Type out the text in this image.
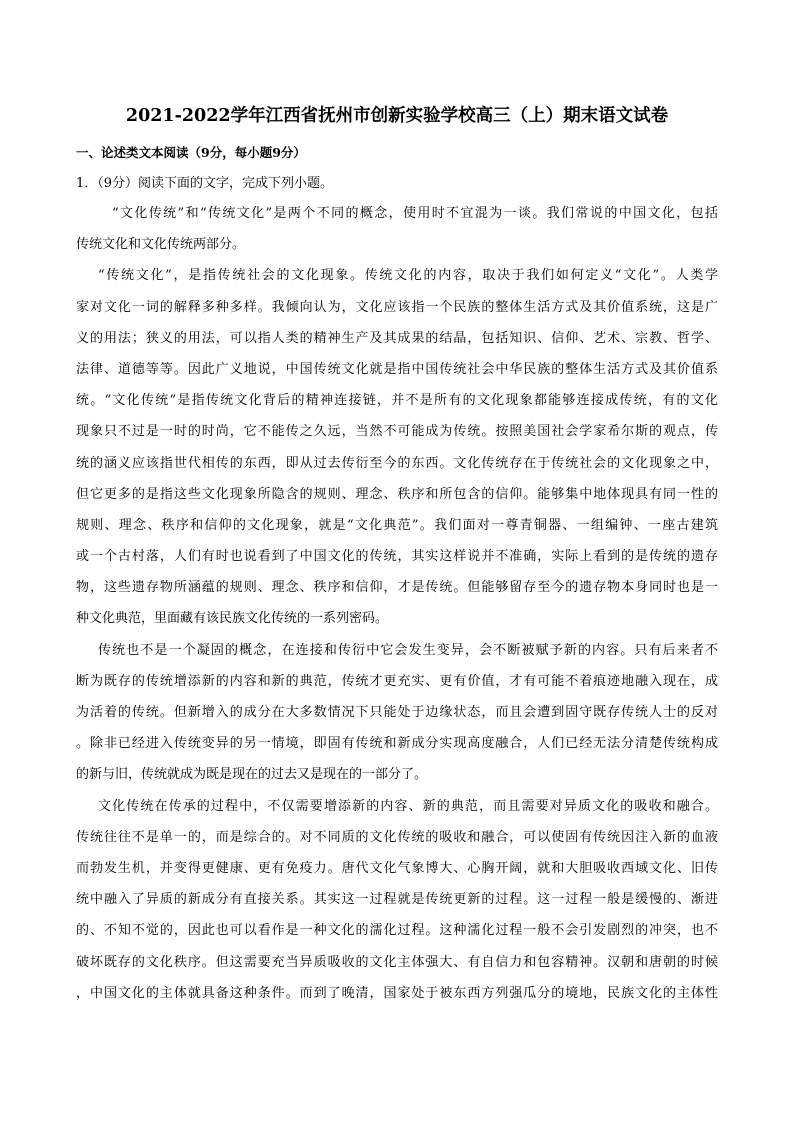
2021-2022学年江西省抚州市创新实验学校高三（上）期末语文试卷
一、论述类文本阅读（9分，每小题9分）
1．（9分）阅读下面的文字，完成下列小题。
“文化传统”和“传统文化”是两个不同的概念，使用时不宜混为一谈。我们常说的中国文化，包括
传统文化和文化传统两部分。
“传统文化”，是指传统社会的文化现象。传统文化的内容，取决于我们如何定义“文化”。人类学
家对文化一词的解释多种多样。我倾向认为，文化应该指一个民族的整体生活方式及其价值系统，这是广
义的用法；狭义的用法，可以指人类的精神生产及其成果的结晶，包括知识、信仰、艺术、宗教、哲学、
法律、道德等等。因此广义地说，中国传统文化就是指中国传统社会中华民族的整体生活方式及其价值系
统。“文化传统”是指传统文化背后的精神连接链，并不是所有的文化现象都能够连接成传统，有的文化
现象只不过是一时的时尚，它不能传之久远，当然不可能成为传统。按照美国社会学家希尔斯的观点，传
统的涵义应该指世代相传的东西，即从过去传衍至今的东西。文化传统存在于传统社会的文化现象之中，
但它更多的是指这些文化现象所隐含的规则、理念、秩序和所包含的信仰。能够集中地体现具有同一性的
规则、理念、秩序和信仰的文化现象，就是“文化典范”。我们面对一尊青铜器、一组编钟、一座古建筑
或一个古村落，人们有时也说看到了中国文化的传统，其实这样说并不准确，实际上看到的是传统的遗存
物，这些遗存物所涵蕴的规则、理念、秩序和信仰，才是传统。但能够留存至今的遗存物本身同时也是一
种文化典范，里面藏有该民族文化传统的一系列密码。
传统也不是一个凝固的概念，在连接和传衍中它会发生变异，会不断被赋予新的内容。只有后来者不
断为既存的传统增添新的内容和新的典范，传统才更充实、更有价值，才有可能不着痕迹地融入现在，成
为活着的传统。但新增入的成分在大多数情况下只能处于边缘状态，而且会遭到固守既存传统人士的反对
。除非已经进入传统变异的另一情境，即固有传统和新成分实现高度融合，人们已经无法分清楚传统构成
的新与旧，传统就成为既是现在的过去又是现在的一部分了。
文化传统在传承的过程中，不仅需要增添新的内容、新的典范，而且需要对异质文化的吸收和融合。
传统往往不是单一的，而是综合的。对不同质的文化传统的吸收和融合，可以使固有传统因注入新的血液
而勃发生机，并变得更健康、更有免疫力。唐代文化气象博大、心胸开阔，就和大胆吸收西域文化、旧传
统中融入了异质的新成分有直接关系。其实这一过程就是传统更新的过程。这一过程一般是缓慢的、渐进
的、不知不觉的，因此也可以看作是一种文化的濡化过程。这种濡化过程一般不会引发剧烈的冲突，也不
破坏既存的文化秩序。但这需要充当异质吸收的文化主体强大、有自信力和包容精神。汉朝和唐朝的时候
，中国文化的主体就具备这种条件。而到了晚清，国家处于被东西方列强瓜分的境地，民族文化的主体性
